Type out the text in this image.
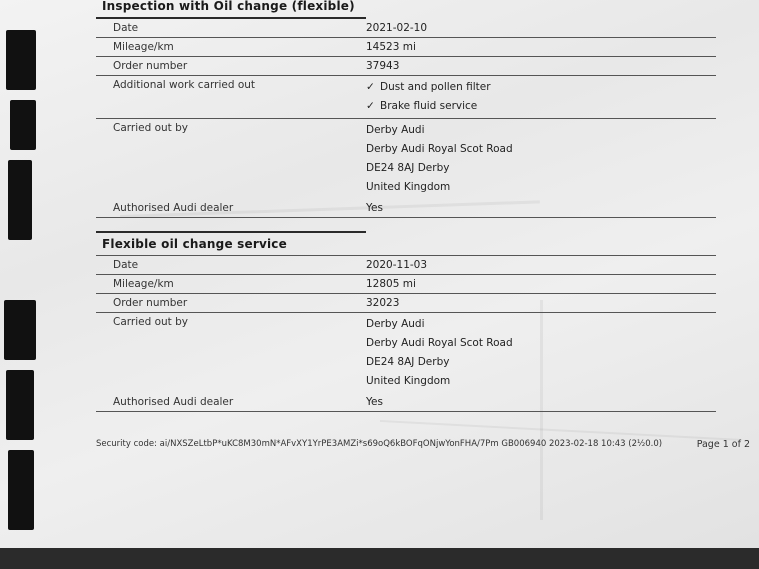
Inspection with Oil change (flexible)
Date	2021-02-10
Mileage/km	14523 mi
Order number	37943
Additional work carried out	✓ Dust and pollen filter
✓ Brake fluid service
Carried out by	Derby Audi
Derby Audi Royal Scot Road
DE24 8AJ Derby
United Kingdom
Authorised Audi dealer	Yes
Flexible oil change service
Date	2020-11-03
Mileage/km	12805 mi
Order number	32023
Carried out by	Derby Audi
Derby Audi Royal Scot Road
DE24 8AJ Derby
United Kingdom
Authorised Audi dealer	Yes
Security code: ai/NXSZeLtbP*uKC8M30mN*AFvXY1YrPE3AMZi*s69oQ6kBOFqONjwYonFHA/7Pm GB006940 2023-02-18 10:43 (2½0.0)	Page 1 of 2
